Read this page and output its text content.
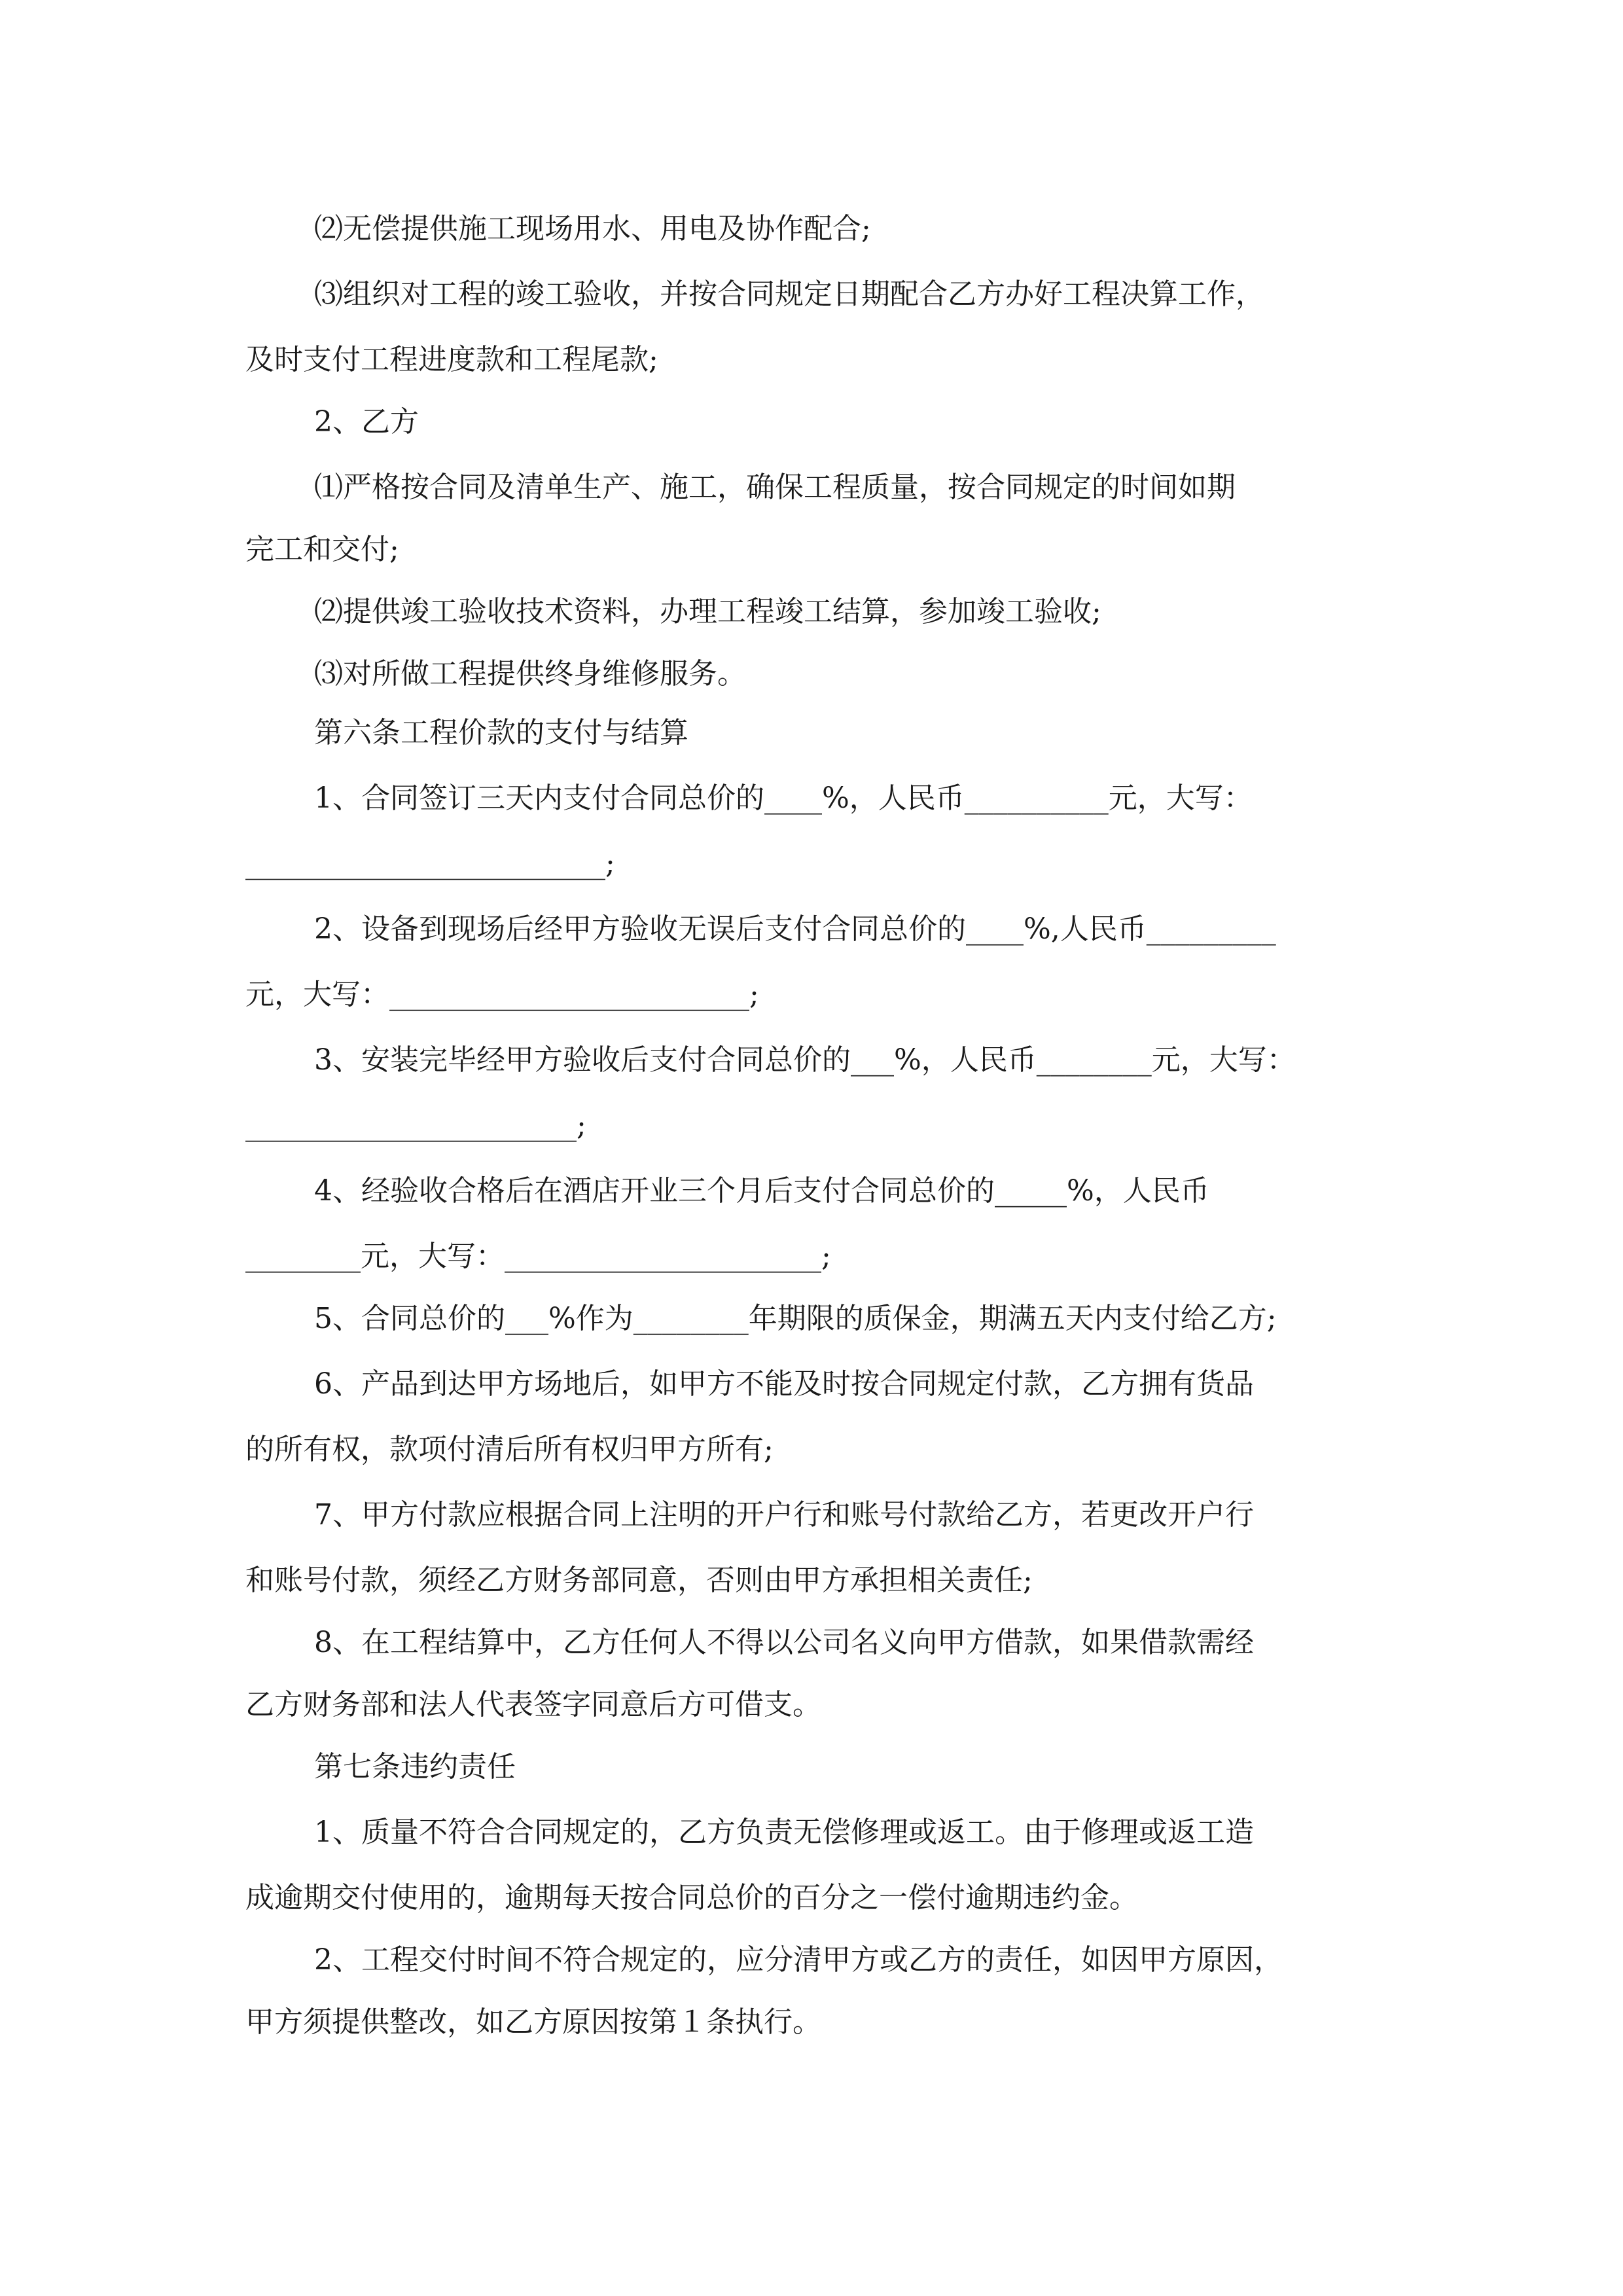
⑵无偿提供施工现场用水、用电及协作配合;
⑶组织对工程的竣工验收，并按合同规定日期配合乙方办好工程决算工作，
及时支付工程进度款和工程尾款;
2、乙方
⑴严格按合同及清单生产、施工，确保工程质量，按合同规定的时间如期
完工和交付;
⑵提供竣工验收技术资料，办理工程竣工结算，参加竣工验收;
⑶对所做工程提供终身维修服务。
第六条工程价款的支付与结算
1、合同签订三天内支付合同总价的____%，人民币__________元，大写：
_________________________;
2、设备到现场后经甲方验收无误后支付合同总价的____%,人民币_________
元，大写：_________________________;
3、安装完毕经甲方验收后支付合同总价的___%，人民币________元，大写：
_______________________;
4、经验收合格后在酒店开业三个月后支付合同总价的_____%，人民币
________元，大写：______________________;
5、合同总价的___%作为________年期限的质保金，期满五天内支付给乙方;
6、产品到达甲方场地后，如甲方不能及时按合同规定付款，乙方拥有货品
的所有权，款项付清后所有权归甲方所有;
7、甲方付款应根据合同上注明的开户行和账号付款给乙方，若更改开户行
和账号付款，须经乙方财务部同意，否则由甲方承担相关责任;
8、在工程结算中，乙方任何人不得以公司名义向甲方借款，如果借款需经
乙方财务部和法人代表签字同意后方可借支。
第七条违约责任
1、质量不符合合同规定的，乙方负责无偿修理或返工。由于修理或返工造
成逾期交付使用的，逾期每天按合同总价的百分之一偿付逾期违约金。
2、工程交付时间不符合规定的，应分清甲方或乙方的责任，如因甲方原因，
甲方须提供整改，如乙方原因按第１条执行。
